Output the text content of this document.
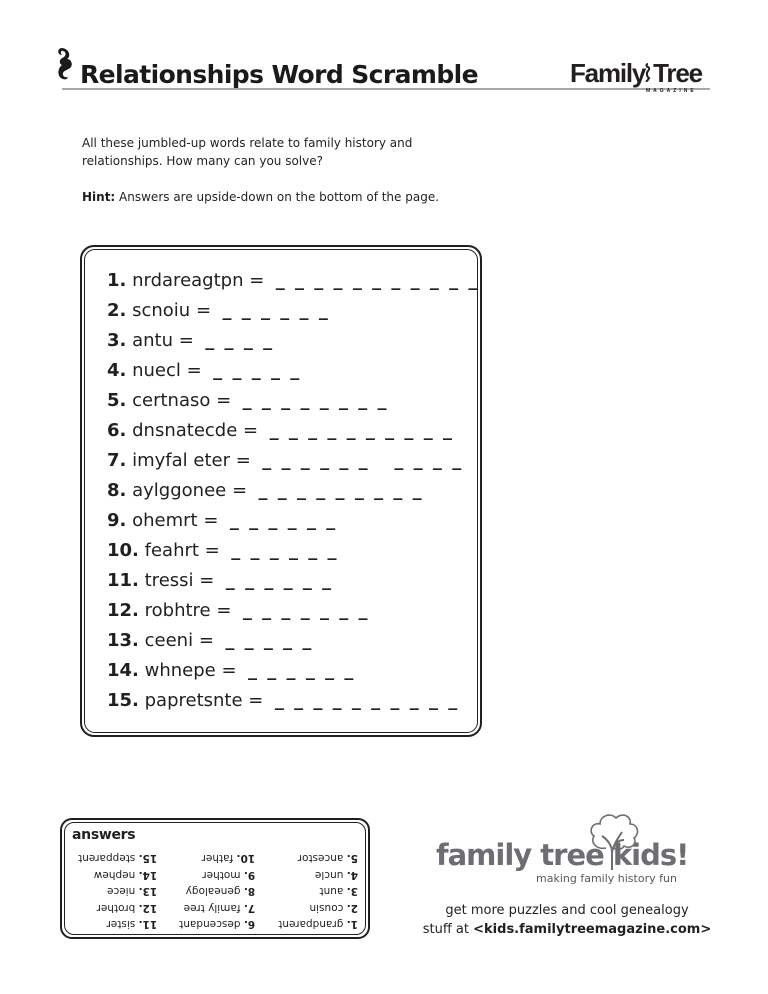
Relationships Word Scramble	Family Tree
MAGAZINE
All these jumbled-up words relate to family history and relationships. How many can you solve?
Hint: Answers are upside-down on the bottom of the page.
1. nrdareagtpn =  _ _ _ _ _ _ _ _ _ _ _
2. scnoiu =  _ _ _ _ _ _
3. antu =  _ _ _ _
4. nuecl =  _ _ _ _ _
5. certnaso =  _ _ _ _ _ _ _ _
6. dnsnatecde =  _ _ _ _ _ _ _ _ _ _
7. imyfal eter =  _ _ _ _ _ _   _ _ _ _
8. aylggonee =  _ _ _ _ _ _ _ _ _
9. ohemrt =  _ _ _ _ _ _
10. feahrt =  _ _ _ _ _ _
11. tressi =  _ _ _ _ _ _
12. robhtre =  _ _ _ _ _ _ _
13. ceeni =  _ _ _ _ _
14. whnepe =  _ _ _ _ _ _
15. papretsnte =  _ _ _ _ _ _ _ _ _ _
answers
1. grandparent
2. cousin
3. aunt
4. uncle
5. ancestor
6. descendant
7. family tree
8. genealogy
9. mother
10. father
11. sister
12. brother
13. niece
14. nephew
15. stepparent	family tree kids!
making family history fun
get more puzzles and cool genealogy
stuff at <kids.familytreemagazine.com>
